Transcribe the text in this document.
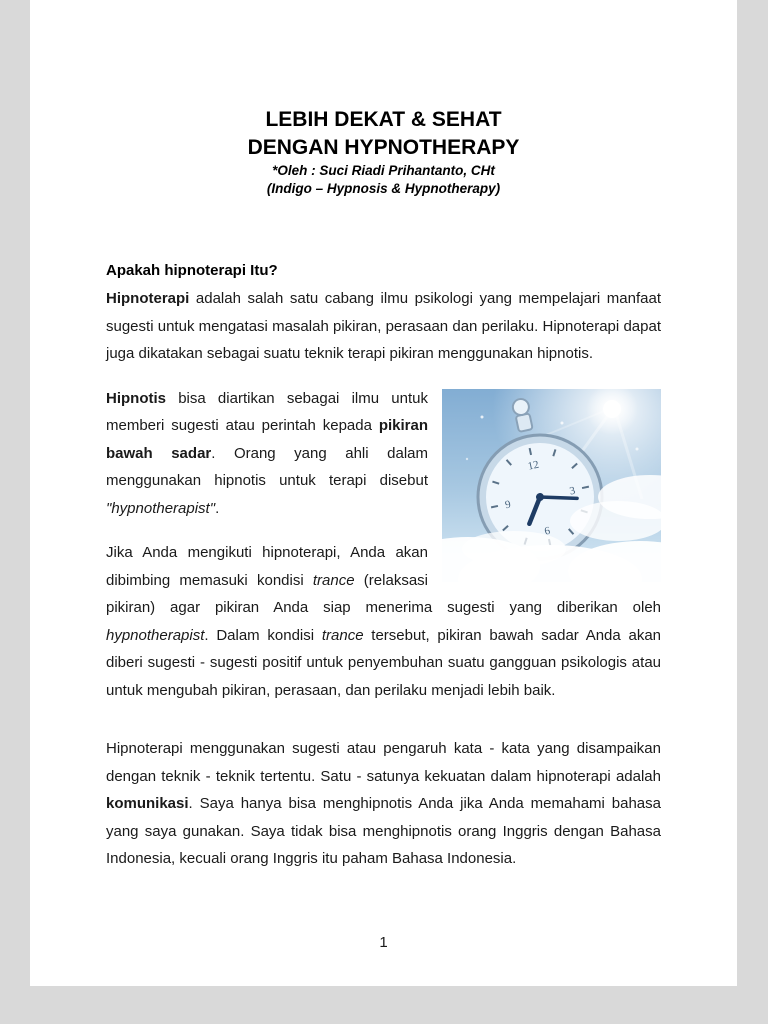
LEBIH DEKAT & SEHAT
DENGAN HYPNOTHERAPY
*Oleh : Suci Riadi Prihantanto, CHt
(Indigo – Hypnosis & Hypnotherapy)
Apakah hipnoterapi Itu?

Hipnoterapi adalah salah satu cabang ilmu psikologi yang mempelajari manfaat sugesti untuk mengatasi masalah pikiran, perasaan dan perilaku. Hipnoterapi dapat juga dikatakan sebagai suatu teknik terapi pikiran menggunakan hipnotis.

12
3
6
9
Hipnotis bisa diartikan sebagai ilmu untuk memberi sugesti atau perintah kepada pikiran bawah sadar. Orang yang ahli dalam menggunakan hipnotis untuk terapi disebut "hypnotherapist".

Jika Anda mengikuti hipnoterapi, Anda akan dibimbing memasuki kondisi trance (relaksasi pikiran) agar pikiran Anda siap menerima sugesti yang diberikan oleh hypnotherapist. Dalam kondisi trance tersebut, pikiran bawah sadar Anda akan diberi sugesti - sugesti positif untuk penyembuhan suatu gangguan psikologis atau untuk mengubah pikiran, perasaan, dan perilaku menjadi lebih baik.

Hipnoterapi menggunakan sugesti atau pengaruh kata - kata yang disampaikan dengan teknik - teknik tertentu. Satu - satunya kekuatan dalam hipnoterapi adalah komunikasi. Saya hanya bisa menghipnotis Anda jika Anda memahami bahasa yang saya gunakan. Saya tidak bisa menghipnotis orang Inggris dengan Bahasa Indonesia, kecuali orang Inggris itu paham Bahasa Indonesia.

1
